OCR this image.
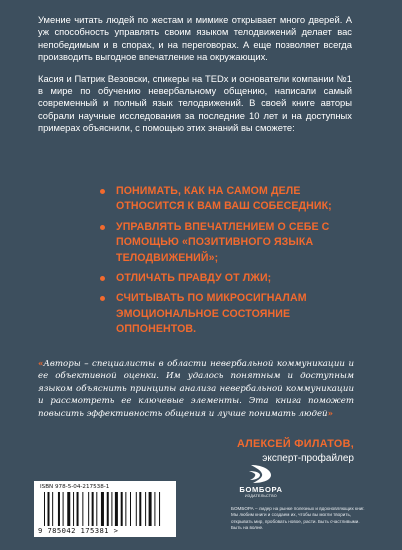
Умение читать людей по жестам и мимике открывает много дверей. А уж способность управлять своим языком телодвижений делает вас непобедимым и в спорах, и на переговорах. А еще позволяет всегда производить выгодное впечатление на окружающих.

Касия и Патрик Везовски, спикеры на TEDx и основатели компании №1 в мире по обучению невербальному общению, написали самый современный и полный язык телодвижений. В своей книге авторы собрали научные исследования за последние 10 лет и на доступных примерах объяснили, с помощью этих знаний вы сможете:

ПОНИМАТЬ, КАК НА САМОМ ДЕЛЕ ОТНОСИТСЯ К ВАМ ВАШ СОБЕСЕДНИК;
УПРАВЛЯТЬ ВПЕЧАТЛЕНИЕМ О СЕБЕ С ПОМОЩЬЮ «ПОЗИТИВНОГО ЯЗЫКА ТЕЛОДВИЖЕНИЙ»;
ОТЛИЧАТЬ ПРАВДУ ОТ ЛЖИ;
СЧИТЫВАТЬ ПО МИКРОСИГНАЛАМ ЭМОЦИОНАЛЬНОЕ СОСТОЯНИЕ ОППОНЕНТОВ.
«Авторы – специалисты в области невербальной коммуникации и ее объективной оценки. Им удалось понятным и доступным языком объяснить принципы анализа невербальной коммуникации и рассмотреть ее ключевые элементы. Эта книга поможет повысить эффективность общения и лучше понимать людей»
АЛЕКСЕЙ ФИЛАТОВ,
эксперт-профайлер
ISBN 978-5-04-217538-1
9 785042 175381 >
БОМБОРА
ИЗДАТЕЛЬСТВО
БОМБОРА – лидер на рынке полезных и вдохновляющих книг. Мы любим книги и создаем их, чтобы вы могли творить, открывать мир, пробовать новое, расти. Быть счастливыми. Быть на волне.
